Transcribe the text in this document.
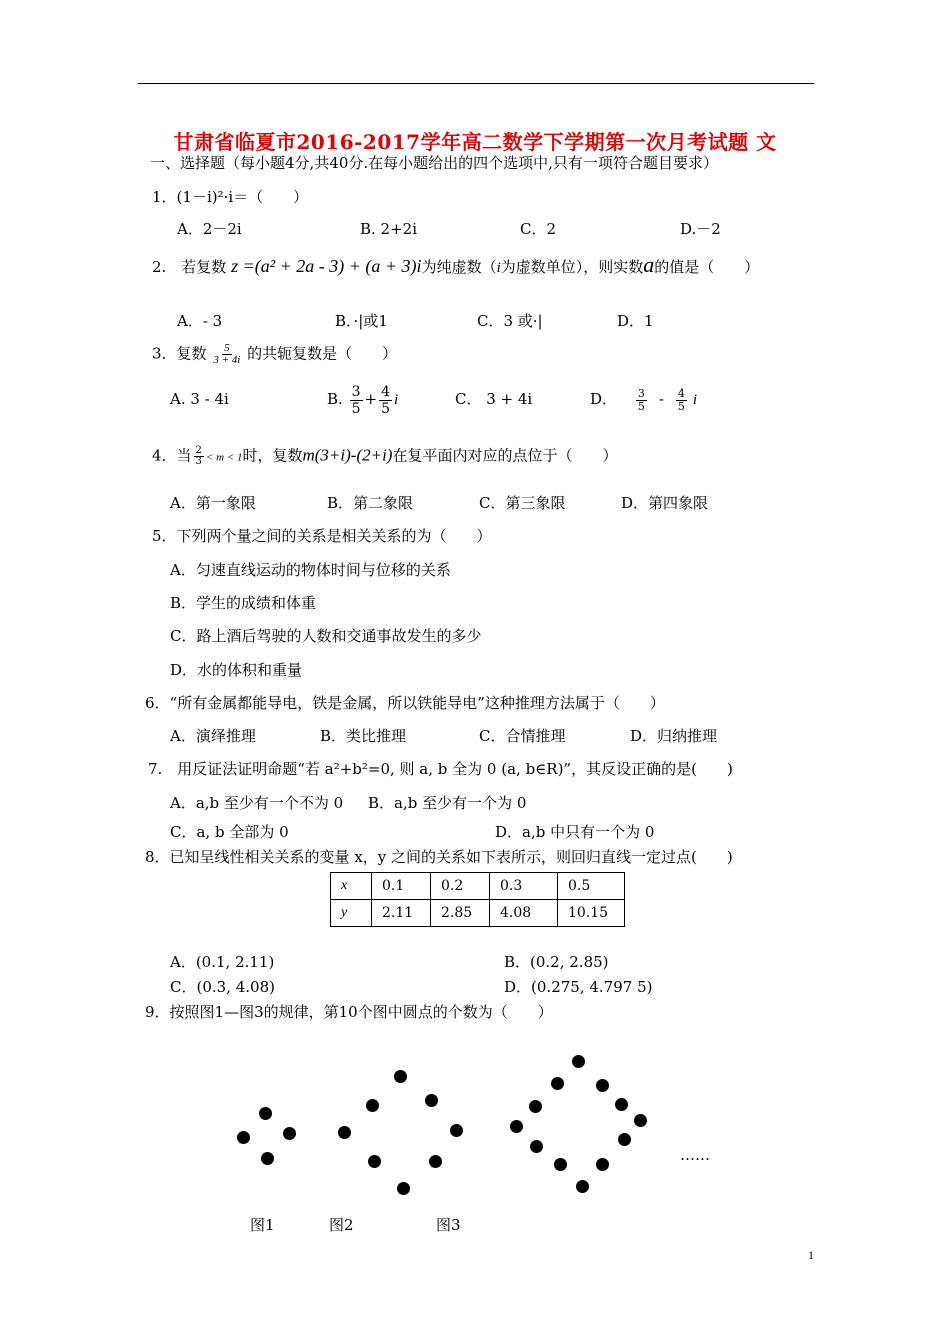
甘肃省临夏市2016-2017学年高二数学下学期第一次月考试题 文
一、选择题（每小题4分,共40分.在每小题给出的四个选项中,只有一项符合题目要求）
1．(1－i)²·i＝（　　）
A．2－2i	B. 2+2i	C．2	D.－2
2.　若复数 z =(a² + 2a - 3) + (a + 3)i为纯虚数（i为虚数单位），则实数a的值是（　　）
A．- 3	B．·|或1	C．3 或·|	D．1
3．复数 $\frac{5}{3 + 4i}$ 的共轭复数是（　　）
A. 3 - 4i	B. $\frac{3}{5} + \frac{4}{5}$ i	C． 3 + 4i	D． $\frac{3}{5} - \frac{4}{5}$ i
4．当 $\frac{2}{3} < m < 1$时，复数m(3+i)-(2+i)在复平面内对应的点位于（　　）
A．第一象限	B．第二象限	C．第三象限	D．第四象限
5．下列两个量之间的关系是相关关系的为（　　）
A．匀速直线运动的物体时间与位移的关系
B．学生的成绩和体重
C．路上酒后驾驶的人数和交通事故发生的多少
D．水的体积和重量
6．“所有金属都能导电，铁是金属，所以铁能导电”这种推理方法属于（　　）
A．演绎推理	B．类比推理	C．合情推理	D．归纳推理
7.　用反证法证明命题“若 a²+b²=0, 则 a, b 全为 0 (a, b∈R)”，其反设正确的是(　　)
A．a,b 至少有一个不为 0 B．a,b 至少有一个为 0
C．a, b 全部为 0	D．a,b 中只有一个为 0
8．已知呈线性相关关系的变量 x，y 之间的关系如下表所示，则回归直线一定过点(　　)
x	0.1	0.2	0.3	0.5
y	2.11	2.85	4.08	10.15
A．(0.1, 2.11)	B．(0.2, 2.85)
C．(0.3, 4.08)	D．(0.275, 4.797 5)
9．按照图1—图3的规律，第10个图中圆点的个数为（　　）
……
图1	图2	图3
1
